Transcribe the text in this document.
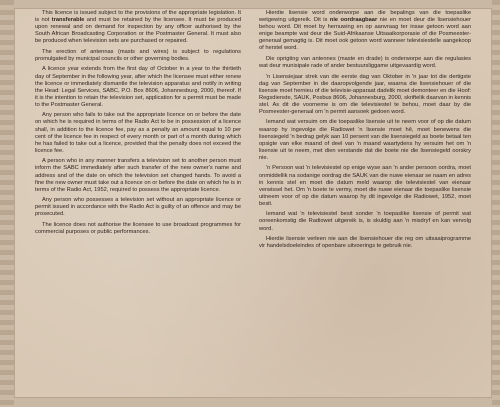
This licence is issued subject to the provisions of the appropriate legislation. It is not transferable and must be retained by the licensee. It must be produced upon renewal and on demand for inspection by any officer authorised by the South African Broadcasting Corporation or the Postmaster General. It must also be produced when television sets are purchased or repaired.

The erection of antennas (masts and wires) is subject to regulations promulgated by municipal councils or other governing bodies.

A licence year extends from the first day of October in a year to the thirtieth day of September in the following year, after which the licensee must either renew the licence or immediately dismantle the television apparatus and notify in writing the Head: Legal Services, SABC, P.O. Box 8606, Johannesburg, 2000, thereof. If it is the intention to retain the television set, application for a permit must be made to the Postmaster General.

Any person who fails to take out the appropriate licence on or before the date on which he is required in terms of the Radio Act to be in possession of a licence shall, in addition to the licence fee, pay as a penalty an amount equal to 10 per cent of the licence fee in respect of every month or part of a month during which he has failed to take out a licence, provided that the penalty does not exceed the licence fee.

A person who in any manner transfers a television set to another person must inform the SABC immediately after such transfer of the new owner's name and address and of the date on which the television set changed hands. To avoid a fine the new owner must take out a licence on or before the date on which he is in terms of the Radio Act, 1952, required to possess the appropriate licence.

Any person who possesses a television set without an appropriate licence or permit issued in accordance with the Radio Act is guilty of an offence and may be prosecuted.

The licence does not authorise the licensee to use broadcast programmes for commercial purposes or public performances.

Hierdie lisensie word onderworpe aan die bepalings van die toepaslike wetgewing uitgereik. Dit is nie oordraagbaar nie en moet deur die lisensiehouer behou word. Dit moet by hernuwing en op aanvraag ter insae getoon word aan enige beampte wat deur die Suid-Afrikaanse Uitsaaikorporasie of die Posmeester-generaal gemagtig is. Dit moet ook getoon word wanneer televisiestelle aangekoop of herstel word.

Die oprigting van antennes (maste en drade) is onderworpe aan die regulasies wat deur munisipale rade of ander bestuursliggame uitgevaardig word.

'n Lisensiejaar strek van die eerste dag van Oktober in 'n jaar tot die dertigste dag van September in die daaropvolgende jaar, waarna die lisensiehouer of die lisensie moet hernieu of die televisie-apparaat dadelik moet demonteer en die Hoof: Regsdienste, SAUK, Posbus 8606, Johannesburg, 2000, skriftelik daarvan in kennis stel. As dit die voorneme is om die televisiestel te behou, moet daar by die Posmeester-generaal om 'n permit aansoek gedoen word.

Iemand wat versuim om die toepaslike lisensie uit te neem voor of op die datum waarop hy ingevolge die Radiowet 'n lisensie moet hê, moet benewens die lisensiegeld 'n bedrag gelyk aan 10 persent van die lisensiegeld as boete betaal ten opsigte van elke maand of deel van 'n maand waartydens hy versuim het om 'n lisensie uit te neem, met dien verstande dat die boete nie die lisensiegeld oorskry nie.

'n Persoon wat 'n televisiestel op enige wyse aan 'n ander persoon oordra, moet onmiddellik na sodanige oordrag die SAUK van die nuwe eienaar se naam en adres in kennis stel en moet die datum meld waarop die televisiestel van eienaar verwissel het. Om 'n boete te vermy, moet die nuwe eienaar die toepaslike lisensie uitneem voor of op die datum waarop hy dit ingevolge die Radiowet, 1952, moet besit.

Iemand wat 'n televisiestel besit sonder 'n toepaslike lisensie of permit wat ooreenkomstig die Radiowet uitgereik is, is skuldig aan 'n misdryf en kan vervolg word.

Hierdie lisensie verleen nie aan die lisensiehouer die reg om uitsaaiprogramme vir handelsdoeleindes of openbare uitvoerings te gebruik nie.
